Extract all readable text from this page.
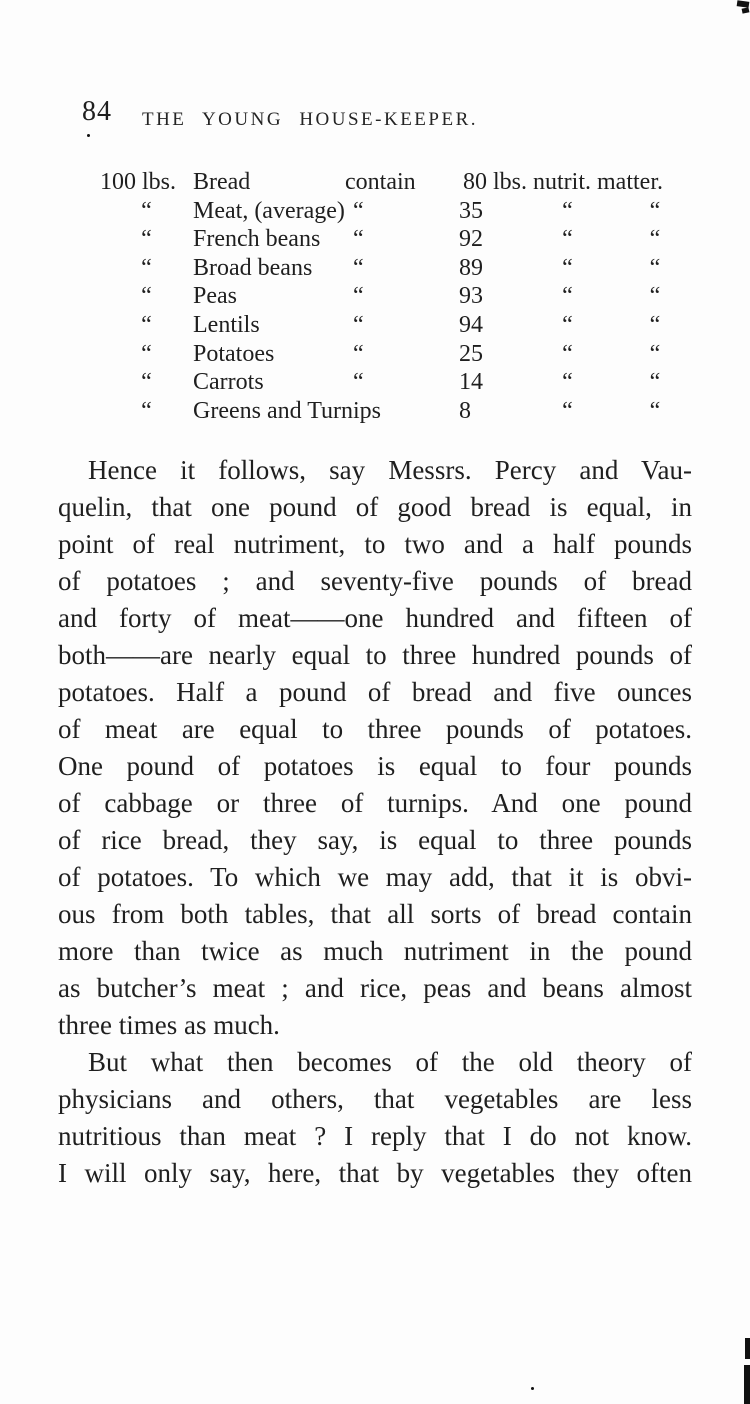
84	THE YOUNG HOUSE-KEEPER.
100 lbs. Bread	contain	80 lbs. nutrit. matter.
“	Meat, (average) “	35	“	“
“	French beans	“	92	“	“
“	Broad beans	“	89	“	“
“	Peas	“	93	“	“
“	Lentils	“	94	“	“
“	Potatoes	“	25	“	“
“	Carrots	“	14	“	“
“	Greens and Turnips	8	“	“
Hence it follows, say Messrs. Percy and Vau-
quelin, that one pound of good bread is equal, in
point of real nutriment, to two and a half pounds
of potatoes ; and seventy-five pounds of bread
and forty of meat——one hundred and fifteen of
both——are nearly equal to three hundred pounds of
potatoes. Half a pound of bread and five ounces
of meat are equal to three pounds of potatoes.
One pound of potatoes is equal to four pounds
of cabbage or three of turnips. And one pound
of rice bread, they say, is equal to three pounds
of potatoes. To which we may add, that it is obvi-
ous from both tables, that all sorts of bread contain
more than twice as much nutriment in the pound
as butcher’s meat ; and rice, peas and beans almost
three times as much.
But what then becomes of the old theory of
physicians and others, that vegetables are less
nutritious than meat ? I reply that I do not know.
I will only say, here, that by vegetables they often
